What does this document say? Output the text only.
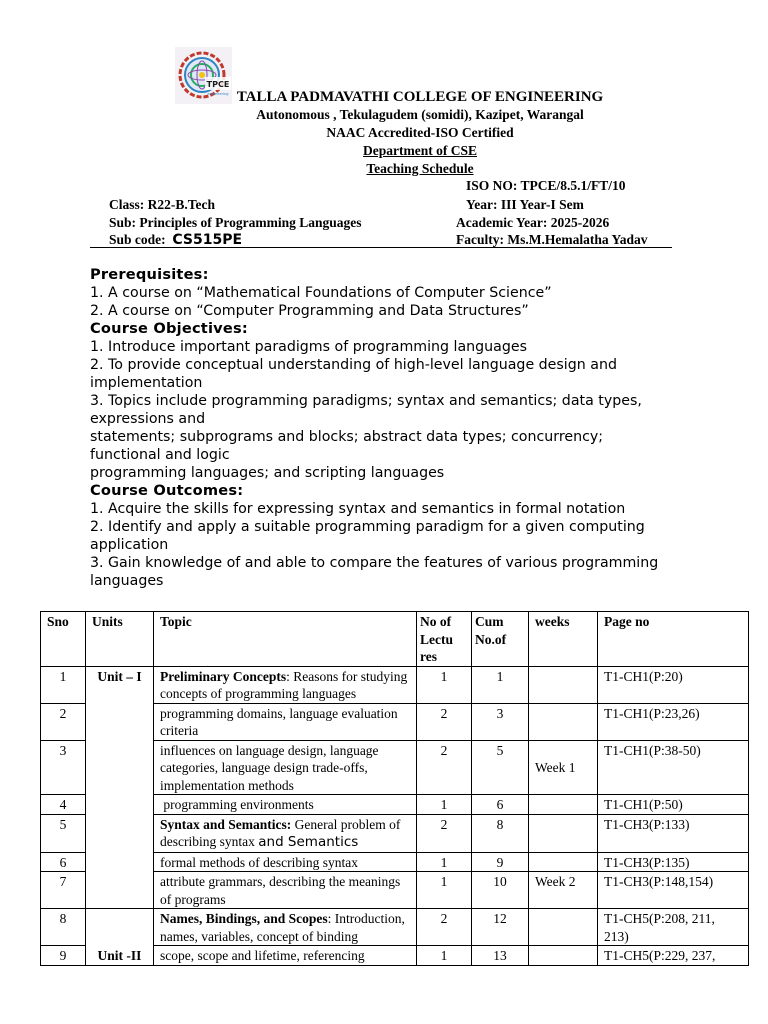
TPCE
engineering TALLA PADMAVATHI COLLEGE OF ENGINEERING
Autonomous , Tekulagudem (somidi), Kazipet, Warangal
NAAC Accredited-ISO Certified
Department of CSE
Teaching Schedule
ISO NO: TPCE/8.5.1/FT/10
Class: R22-B.Tech	Year: III Year-I Sem
Sub: Principles of Programming Languages	Academic Year: 2025-2026
Sub code:  CS515PE	Faculty: Ms.M.Hemalatha Yadav
Prerequisites:
1. A course on “Mathematical Foundations of Computer Science”
2. A course on “Computer Programming and Data Structures”
Course Objectives:
1. Introduce important paradigms of programming languages
2. To provide conceptual understanding of high-level language design and implementation
3. Topics include programming paradigms; syntax and semantics; data types, expressions and
statements; subprograms and blocks; abstract data types; concurrency; functional and logic
programming languages; and scripting languages
Course Outcomes:
1. Acquire the skills for expressing syntax and semantics in formal notation
2. Identify and apply a suitable programming paradigm for a given computing application
3. Gain knowledge of and able to compare the features of various programming languages
Sno	Units	Topic	No of Lectu res	Cum No.of	weeks	Page no
1	Unit – I	Preliminary Concepts: Reasons for studying concepts of programming languages	1	1		T1-CH1(P:20)
2		programming domains, language evaluation criteria	2	3		T1-CH1(P:23,26)
3		influences on language design, language categories, language design trade-offs, implementation methods	2	5	Week 1	T1-CH1(P:38-50)
4		programming environments	1	6		T1-CH1(P:50)
5		Syntax and Semantics: General problem of describing syntax and Semantics	2	8		T1-CH3(P:133)
6		formal methods of describing syntax	1	9		T1-CH3(P:135)
7		attribute grammars, describing the meanings of programs	1	10	Week 2	T1-CH3(P:148,154)
8	Unit -II	Names, Bindings, and Scopes: Introduction, names, variables, concept of binding	2	12		T1-CH5(P:208, 211, 213)
9		scope, scope and lifetime, referencing	1	13		T1-CH5(P:229, 237,
